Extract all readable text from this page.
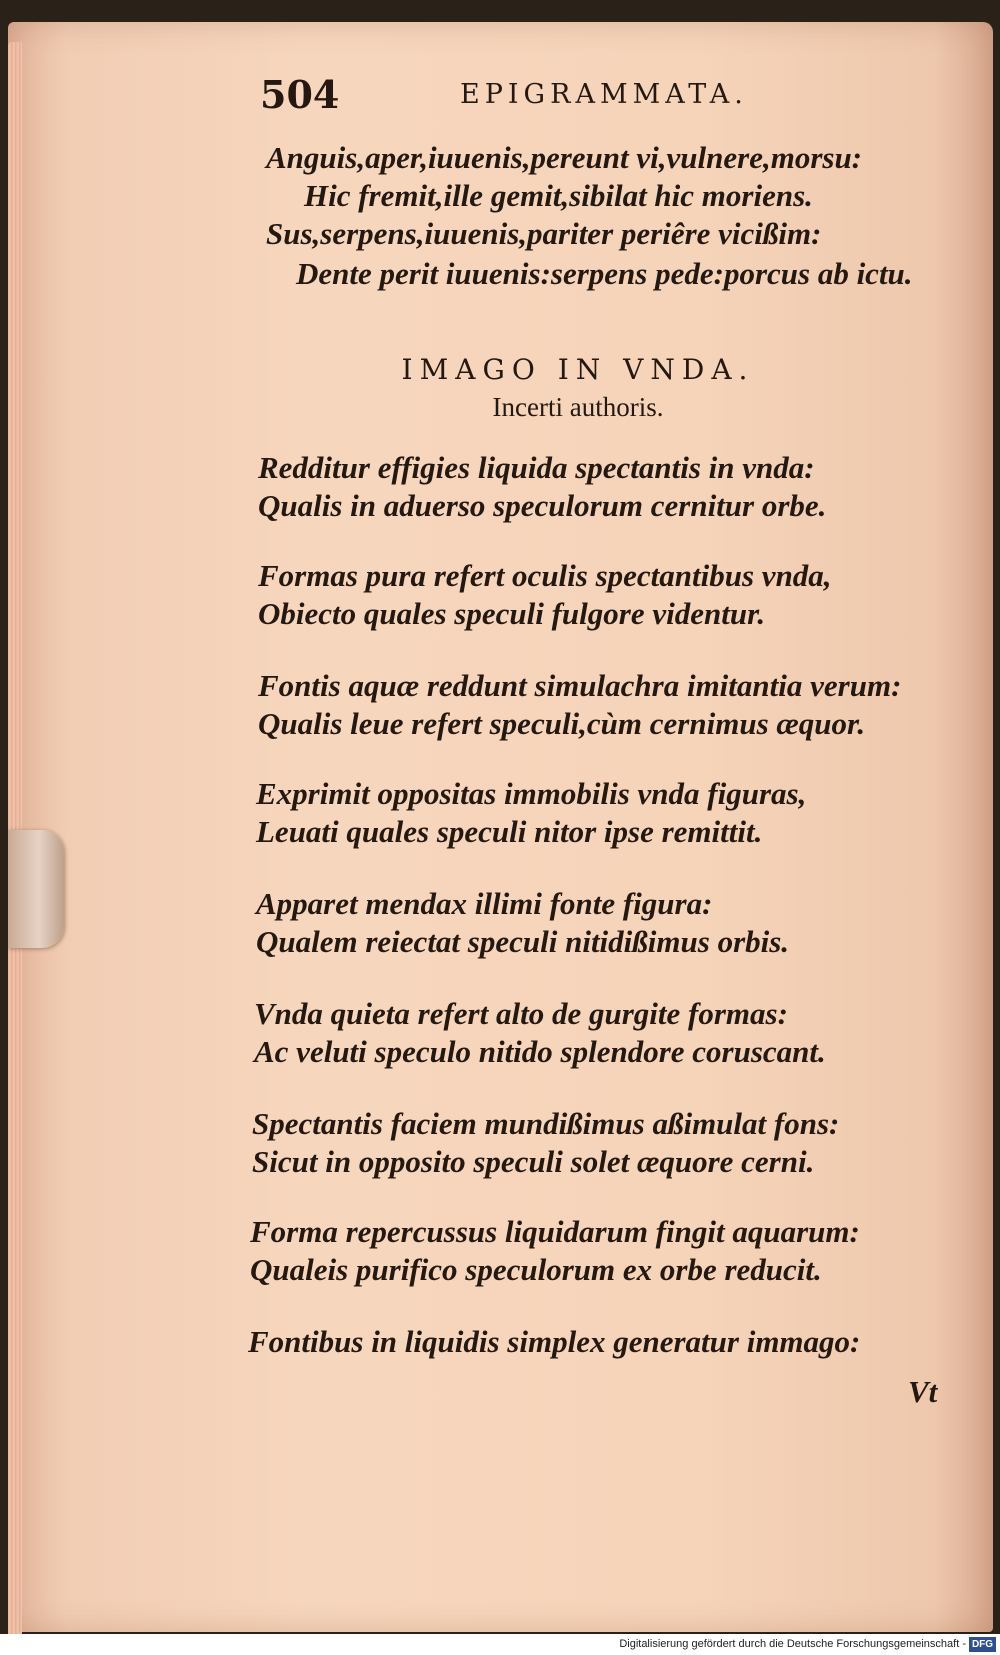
504	EPIGRAMMATA.
Anguis,aper,iuuenis,pereunt vi,vulnere,morsu:
Hic fremit,ille gemit,sibilat hic moriens.
Sus,serpens,iuuenis,pariter periêre vicißim:
Dente perit iuuenis:serpens pede:porcus ab ictu.
IMAGO IN VNDA.
Incerti authoris.
Redditur effigies liquida spectantis in vnda:
Qualis in aduerso speculorum cernitur orbe.
Formas pura refert oculis spectantibus vnda,
Obiecto quales speculi fulgore videntur.
Fontis aquæ reddunt simulachra imitantia verum:
Qualis leue refert speculi,cùm cernimus æquor.
Exprimit oppositas immobilis vnda figuras,
Leuati quales speculi nitor ipse remittit.
Apparet mendax illimi fonte figura:
Qualem reiectat speculi nitidißimus orbis.
Vnda quieta refert alto de gurgite formas:
Ac veluti speculo nitido splendore coruscant.
Spectantis faciem mundißimus aßimulat fons:
Sicut in opposito speculi solet æquore cerni.
Forma repercussus liquidarum fingit aquarum:
Qualeis purifico speculorum ex orbe reducit.
Fontibus in liquidis simplex generatur immago:
Vt
Digitalisierung gefördert durch die Deutsche Forschungsgemeinschaft - DFG
